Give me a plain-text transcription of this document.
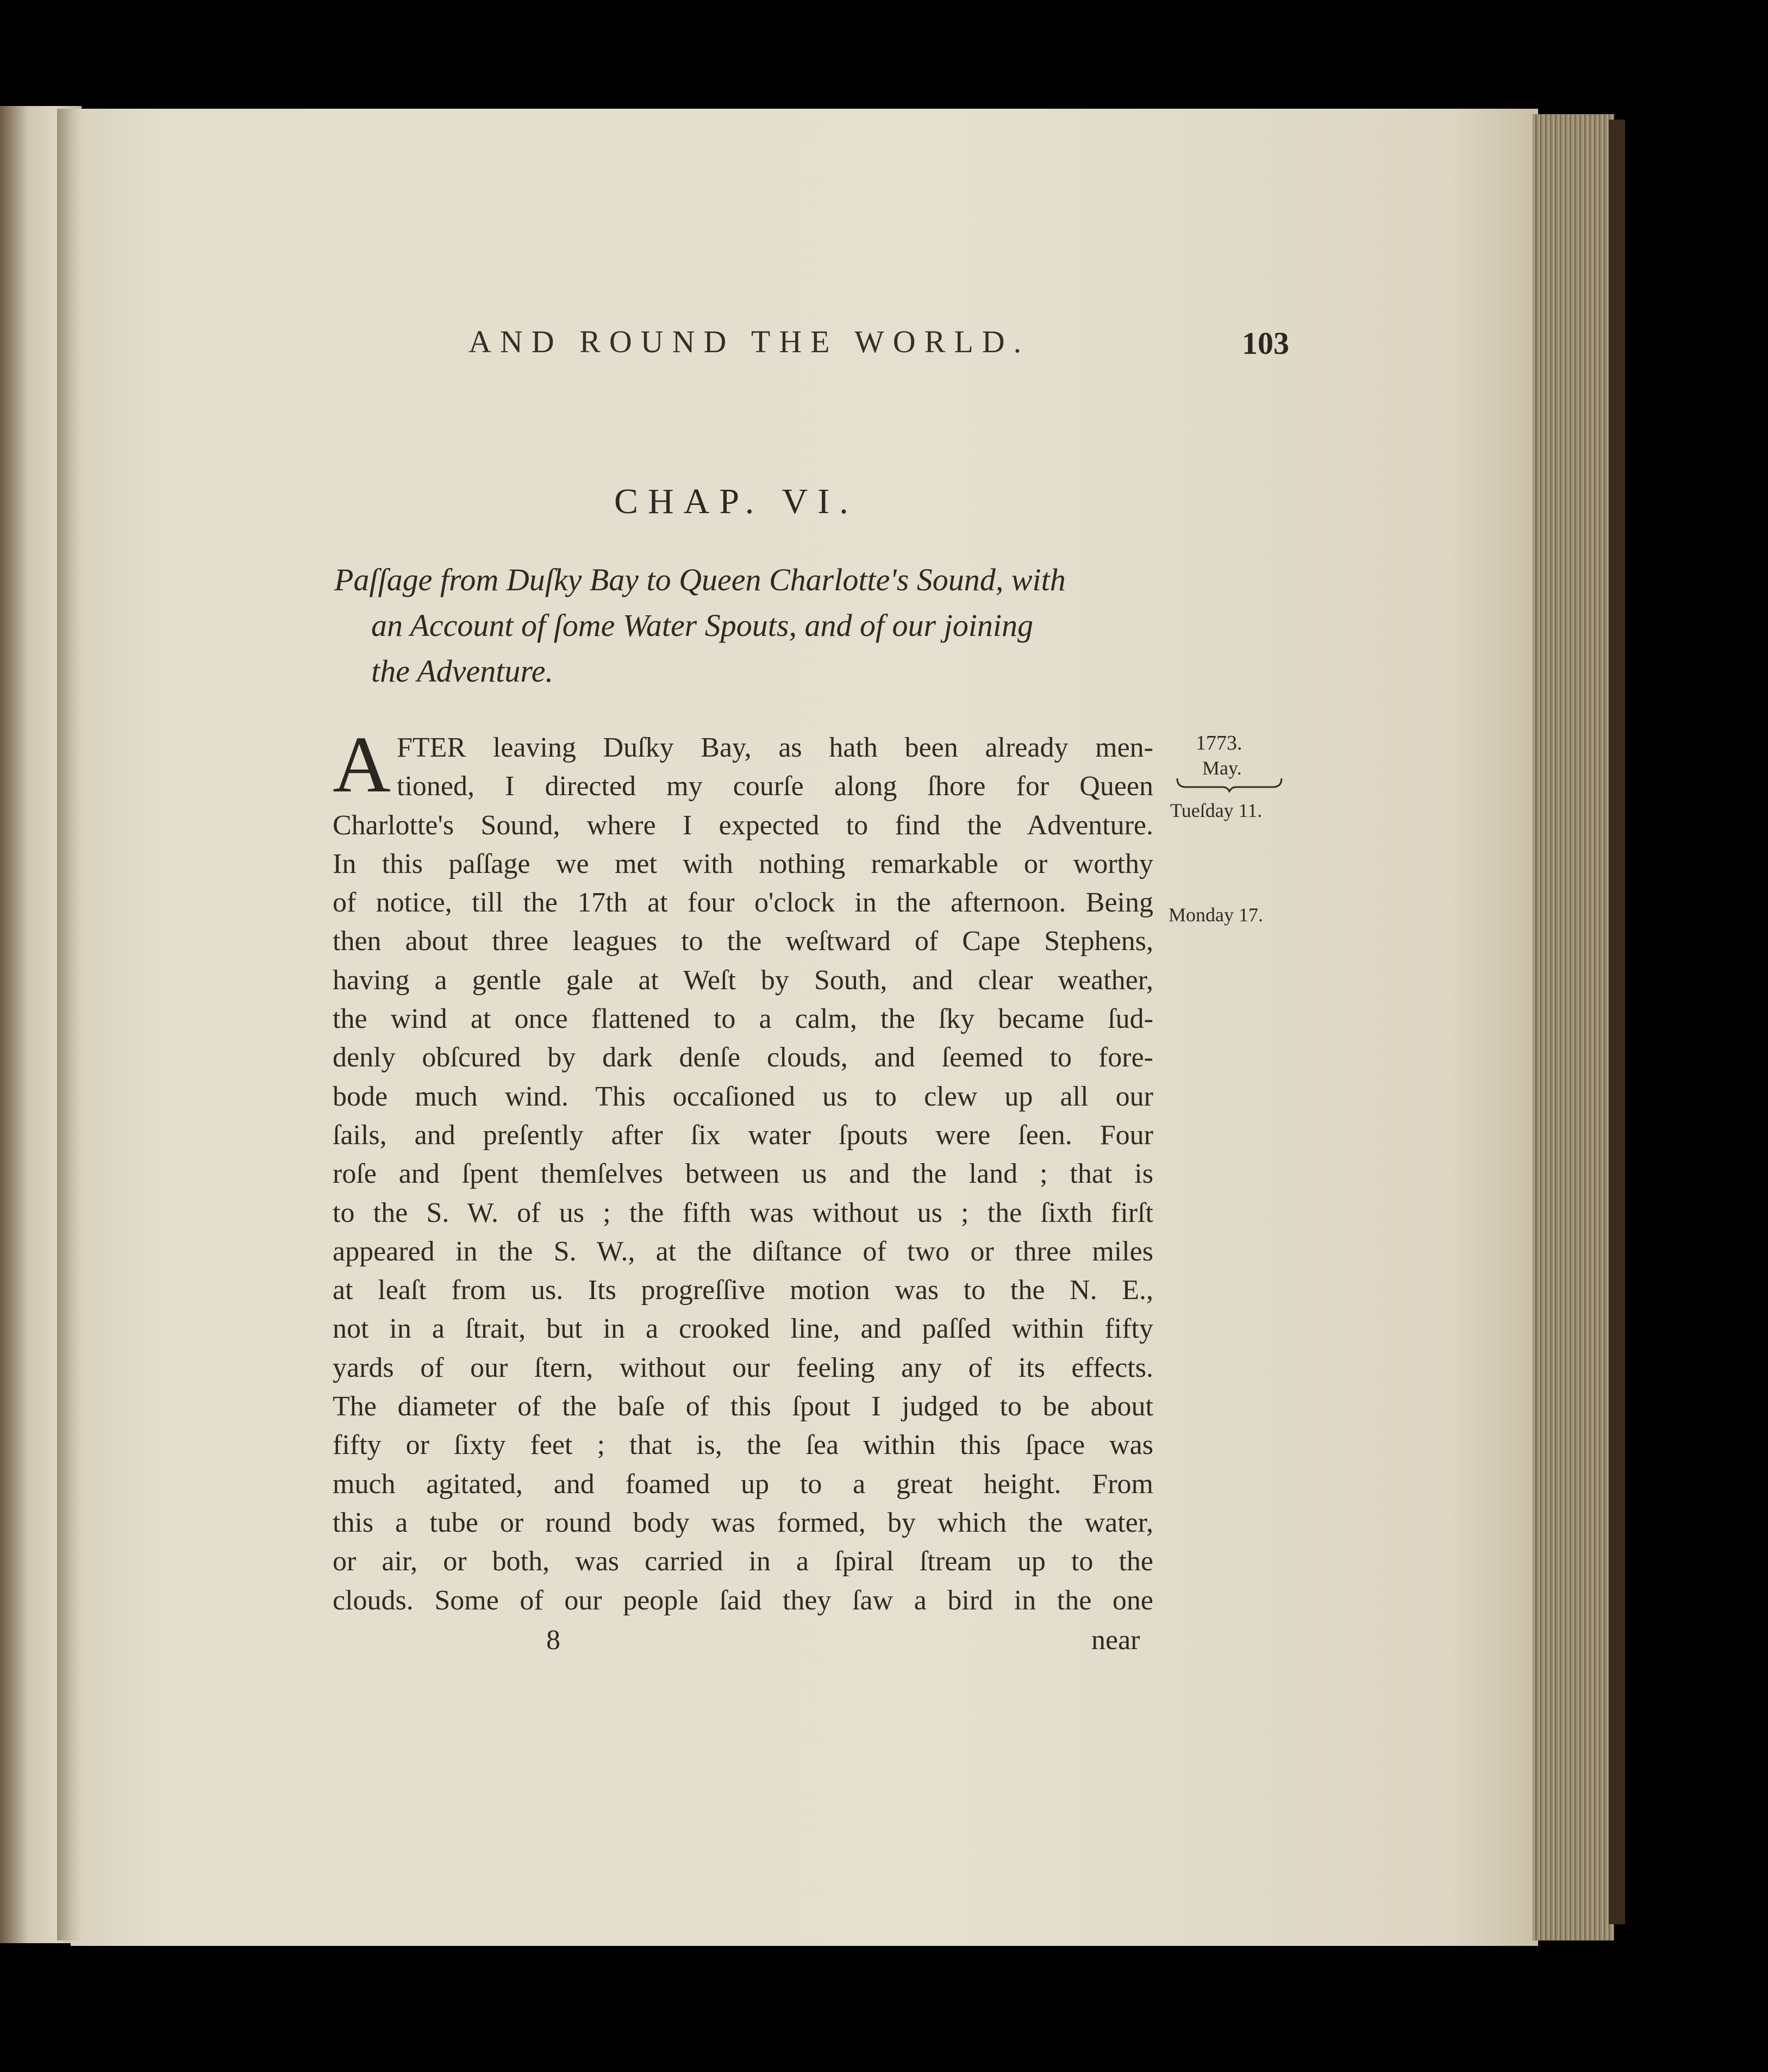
AND ROUND THE WORLD.	103
CHAP. VI.
Paſſage from Duſky Bay to Queen Charlotte's Sound, with
an Account of ſome Water Spouts, and of our joining
the Adventure.
A FTER leaving Duſky Bay, as hath been already men-
tioned, I directed my courſe along ſhore for Queen
Charlotte's Sound, where I expected to find the Adventure.
In this paſſage we met with nothing remarkable or worthy
of notice, till the 17th at four o'clock in the afternoon. Being
then about three leagues to the weſtward of Cape Stephens,
having a gentle gale at Weſt by South, and clear weather,
the wind at once flattened to a calm, the ſky became ſud-
denly obſcured by dark denſe clouds, and ſeemed to fore-
bode much wind. This occaſioned us to clew up all our
ſails, and preſently after ſix water ſpouts were ſeen. Four
roſe and ſpent themſelves between us and the land ; that is
to the S. W. of us ; the fifth was without us ; the ſixth firſt
appeared in the S. W., at the diſtance of two or three miles
at leaſt from us. Its progreſſive motion was to the N. E.,
not in a ſtrait, but in a crooked line, and paſſed within fifty
yards of our ſtern, without our feeling any of its effects.
The diameter of the baſe of this ſpout I judged to be about
fifty or ſixty feet ; that is, the ſea within this ſpace was
much agitated, and foamed up to a great height. From
this a tube or round body was formed, by which the water,
or air, or both, was carried in a ſpiral ſtream up to the
clouds. Some of our people ſaid they ſaw a bird in the one
8	near
1773.
May.
Tueſday 11.
Monday 17.
